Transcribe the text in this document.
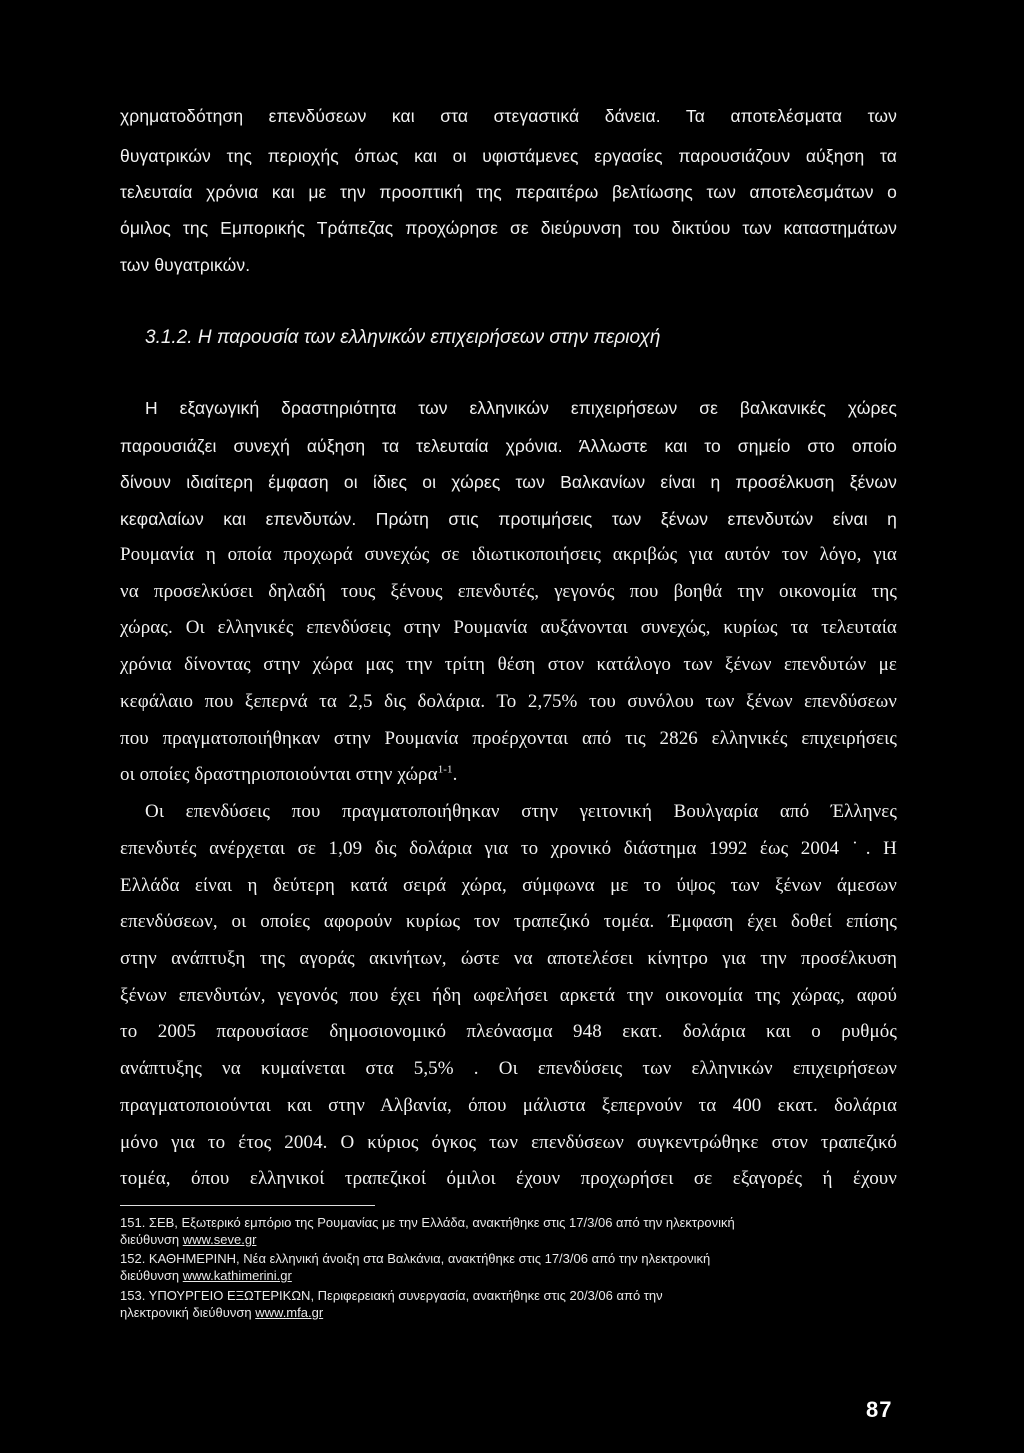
χρηματοδότηση επενδύσεων και στα στεγαστικά δάνεια. Τα αποτελέσματα των
θυγατρικών της περιοχής όπως και οι υφιστάμενες εργασίες παρουσιάζουν αύξηση τα
τελευταία χρόνια και με την προοπτική της περαιτέρω βελτίωσης των αποτελεσμάτων ο
όμιλος της Εμπορικής Τράπεζας προχώρησε σε διεύρυνση του δικτύου των καταστημάτων
των θυγατρικών.
3.1.2. Η παρουσία των ελληνικών επιχειρήσεων στην περιοχή
Η εξαγωγική δραστηριότητα των ελληνικών επιχειρήσεων σε βαλκανικές χώρες
παρουσιάζει συνεχή αύξηση τα τελευταία χρόνια. Άλλωστε και το σημείο στο οποίο
δίνουν ιδιαίτερη έμφαση οι ίδιες οι χώρες των Βαλκανίων είναι η προσέλκυση ξένων
κεφαλαίων και επενδυτών. Πρώτη στις προτιμήσεις των ξένων επενδυτών είναι η
Ρουμανία η οποία προχωρά συνεχώς σε ιδιωτικοποιήσεις ακριβώς για αυτόν τον λόγο, για
να προσελκύσει δηλαδή τους ξένους επενδυτές, γεγονός που βοηθά την οικονομία της
χώρας. Οι ελληνικές επενδύσεις στην Ρουμανία αυξάνονται συνεχώς, κυρίως τα τελευταία
χρόνια δίνοντας στην χώρα μας την τρίτη θέση στον κατάλογο των ξένων επενδυτών με
κεφάλαιο που ξεπερνά τα 2,5 δις δολάρια. Το 2,75% του συνόλου των ξένων επενδύσεων
που πραγματοποιήθηκαν στην Ρουμανία προέρχονται από τις 2826 ελληνικές επιχειρήσεις
οι οποίες δραστηριοποιούνται στην χώρα$^{1-1}$.
Οι επενδύσεις που πραγματοποιήθηκαν στην γειτονική Βουλγαρία από Έλληνες
επενδυτές ανέρχεται σε 1,09 δις δολάρια για το χρονικό διάστημα 1992 έως 2004 ˙. Η
Ελλάδα είναι η δεύτερη κατά σειρά χώρα, σύμφωνα με το ύψος των ξένων άμεσων
επενδύσεων, οι οποίες αφορούν κυρίως τον τραπεζικό τομέα. Έμφαση έχει δοθεί επίσης
στην ανάπτυξη της αγοράς ακινήτων, ώστε να αποτελέσει κίνητρο για την προσέλκυση
ξένων επενδυτών, γεγονός που έχει ήδη ωφελήσει αρκετά την οικονομία της χώρας, αφού
το 2005 παρουσίασε δημοσιονομικό πλεόνασμα 948 εκατ. δολάρια και ο ρυθμός
ανάπτυξης να κυμαίνεται στα 5,5% . Οι επενδύσεις των ελληνικών επιχειρήσεων
πραγματοποιούνται και στην Αλβανία, όπου μάλιστα ξεπερνούν τα 400 εκατ. δολάρια
μόνο για το έτος 2004. Ο κύριος όγκος των επενδύσεων συγκεντρώθηκε στον τραπεζικό
τομέα, όπου ελληνικοί τραπεζικοί όμιλοι έχουν προχωρήσει σε εξαγορές ή έχουν
151. ΣΕΒ, Εξωτερικό εμπόριο της Ρουμανίας με την Ελλάδα, ανακτήθηκε στις 17/3/06 από την ηλεκτρονική
διεύθυνση www.seve.gr
152. ΚΑΘΗΜΕΡΙΝΗ, Νέα ελληνική άνοιξη στα Βαλκάνια, ανακτήθηκε στις 17/3/06 από την ηλεκτρονική
διεύθυνση www.kathimerini.gr
153. ΥΠΟΥΡΓΕΙΟ ΕΞΩΤΕΡΙΚΩΝ, Περιφερειακή συνεργασία, ανακτήθηκε στις 20/3/06 από την
ηλεκτρονική διεύθυνση www.mfa.gr
87
